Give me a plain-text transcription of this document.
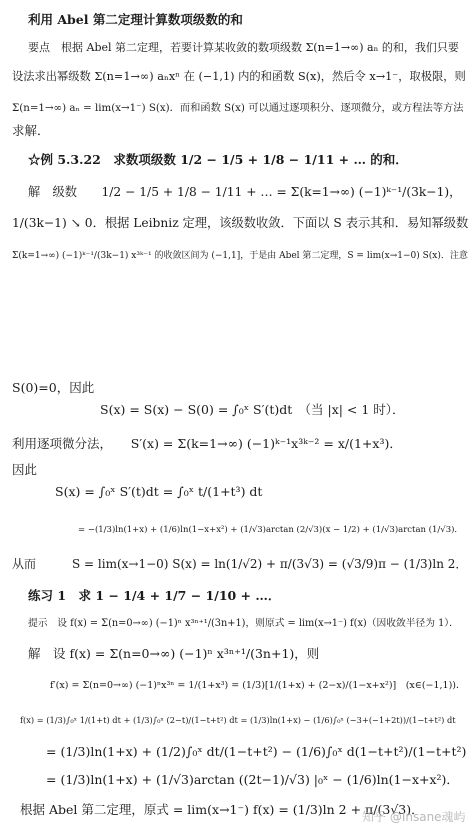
利用 Abel 第二定理计算数项级数的和
要点　根据 Abel 第二定理，若要计算某收敛的数项级数 Σ(n=1→∞) aₙ 的和，我们只要
设法求出幂级数 Σ(n=1→∞) aₙxⁿ 在 (−1,1) 内的和函数 S(x)，然后令 x→1⁻，取极限，则
Σ(n=1→∞) aₙ = lim(x→1⁻) S(x)．而和函数 S(x) 可以通过逐项积分、逐项微分，或方程法等方法
求解．
☆例 5.3.22　求数项级数 1/2 − 1/5 + 1/8 − 1/11 + … 的和．
解　级数　　1/2 − 1/5 + 1/8 − 1/11 + … = Σ(k=1→∞) (−1)ᵏ⁻¹/(3k−1)，
1/(3k−1) ↘ 0．根据 Leibniz 定理，该级数收敛．下面以 S 表示其和．易知幂级数
Σ(k=1→∞) (−1)ᵏ⁻¹/(3k−1) x³ᵏ⁻¹ 的收敛区间为 (−1,1]，于是由 Abel 第二定理，S = lim(x→1−0) S(x)．注意
S(0)=0，因此
S(x) = S(x) − S(0) = ∫₀ˣ S′(t)dt　（当 |x| < 1 时）．
利用逐项微分法，　　S′(x) = Σ(k=1→∞) (−1)ᵏ⁻¹x³ᵏ⁻² = x/(1+x³)．
因此
S(x) = ∫₀ˣ S′(t)dt = ∫₀ˣ t/(1+t³) dt
= −(1/3)ln(1+x) + (1/6)ln(1−x+x²) + (1/√3)arctan (2/√3)(x − 1/2) + (1/√3)arctan (1/√3)．
从而　　　S = lim(x→1−0) S(x) = ln(1/√2) + π/(3√3) = (√3/9)π − (1/3)ln 2．
练习 1　求 1 − 1/4 + 1/7 − 1/10 + …．
提示　设 f(x) = Σ(n=0→∞) (−1)ⁿ x³ⁿ⁺¹/(3n+1)，则原式 = lim(x→1⁻) f(x)（因收敛半径为 1）．
解　设 f(x) = Σ(n=0→∞) (−1)ⁿ x³ⁿ⁺¹/(3n+1)，则
f′(x) = Σ(n=0→∞) (−1)ⁿx³ⁿ = 1/(1+x³) = (1/3)[1/(1+x) + (2−x)/(1−x+x²)]　(x∈(−1,1))．
f(x) = (1/3)∫₀ˣ 1/(1+t) dt + (1/3)∫₀ˣ (2−t)/(1−t+t²) dt = (1/3)ln(1+x) − (1/6)∫₀ˣ (−3+(−1+2t))/(1−t+t²) dt
= (1/3)ln(1+x) + (1/2)∫₀ˣ dt/(1−t+t²) − (1/6)∫₀ˣ d(1−t+t²)/(1−t+t²)
= (1/3)ln(1+x) + (1/√3)arctan ((2t−1)/√3) |₀ˣ − (1/6)ln(1−x+x²)．
根据 Abel 第二定理，原式 = lim(x→1⁻) f(x) = (1/3)ln 2 + π/(3√3)．
知乎 @Insane魂屿
